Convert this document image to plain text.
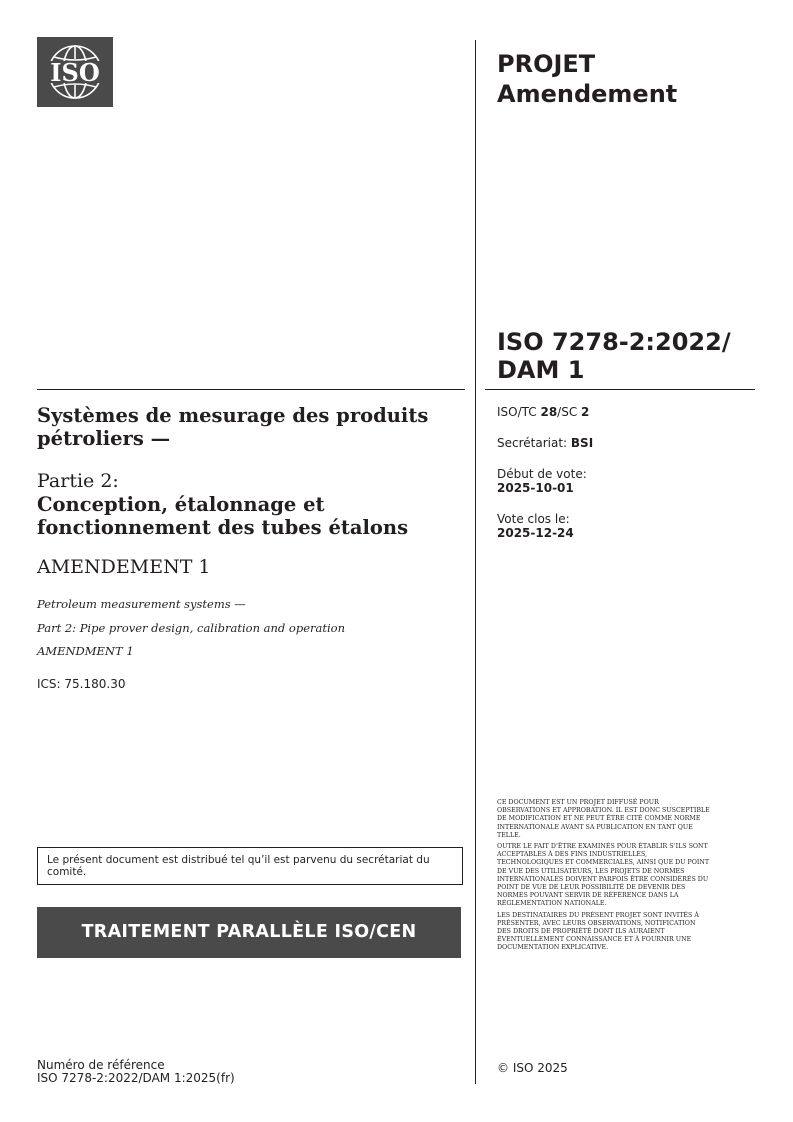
ISO	PROJET
Amendement
ISO 7278-2:2022/
DAM 1
Systèmes de mesurage des produits pétroliers —
Partie 2:
Conception, étalonnage et fonctionnement des tubes étalons
AMENDEMENT 1
Petroleum measurement systems —
Part 2: Pipe prover design, calibration and operation
AMENDMENT 1
ICS: 75.180.30
ISO/TC 28/SC 2
Secrétariat: BSI
Début de vote:
2025-10-01
Vote clos le:
2025-12-24
Le présent document est distribué tel qu’il est parvenu du secrétariat du comité.
TRAITEMENT PARALLÈLE ISO/CEN
Numéro de référence
ISO 7278-2:2022/DAM 1:2025(fr)

CE DOCUMENT EST UN PROJET DIFFUSÉ POUR OBSERVATIONS ET APPROBATION. IL EST DONC SUSCEPTIBLE DE MODIFICATION ET NE PEUT ÊTRE CITÉ COMME NORME INTERNATIONALE AVANT SA PUBLICATION EN TANT QUE TELLE.

OUTRE LE FAIT D’ÊTRE EXAMINÉS POUR ÉTABLIR S’ILS SONT ACCEPTABLES À DES FINS INDUSTRIELLES, TECHNOLOGIQUES ET COMMERCIALES, AINSI QUE DU POINT DE VUE DES UTILISATEURS, LES PROJETS DE NORMES INTERNATIONALES DOIVENT PARFOIS ÊTRE CONSIDÉRÉS DU POINT DE VUE DE LEUR POSSIBILITÉ DE DEVENIR DES NORMES POUVANT SERVIR DE RÉFÉRENCE DANS LA RÉGLEMENTATION NATIONALE.

LES DESTINATAIRES DU PRÉSENT PROJET SONT INVITÉS À PRÉSENTER, AVEC LEURS OBSERVATIONS, NOTIFICATION DES DROITS DE PROPRIÉTÉ DONT ILS AURAIENT ÉVENTUELLEMENT CONNAISSANCE ET À FOURNIR UNE DOCUMENTATION EXPLICATIVE.

© ISO 2025
